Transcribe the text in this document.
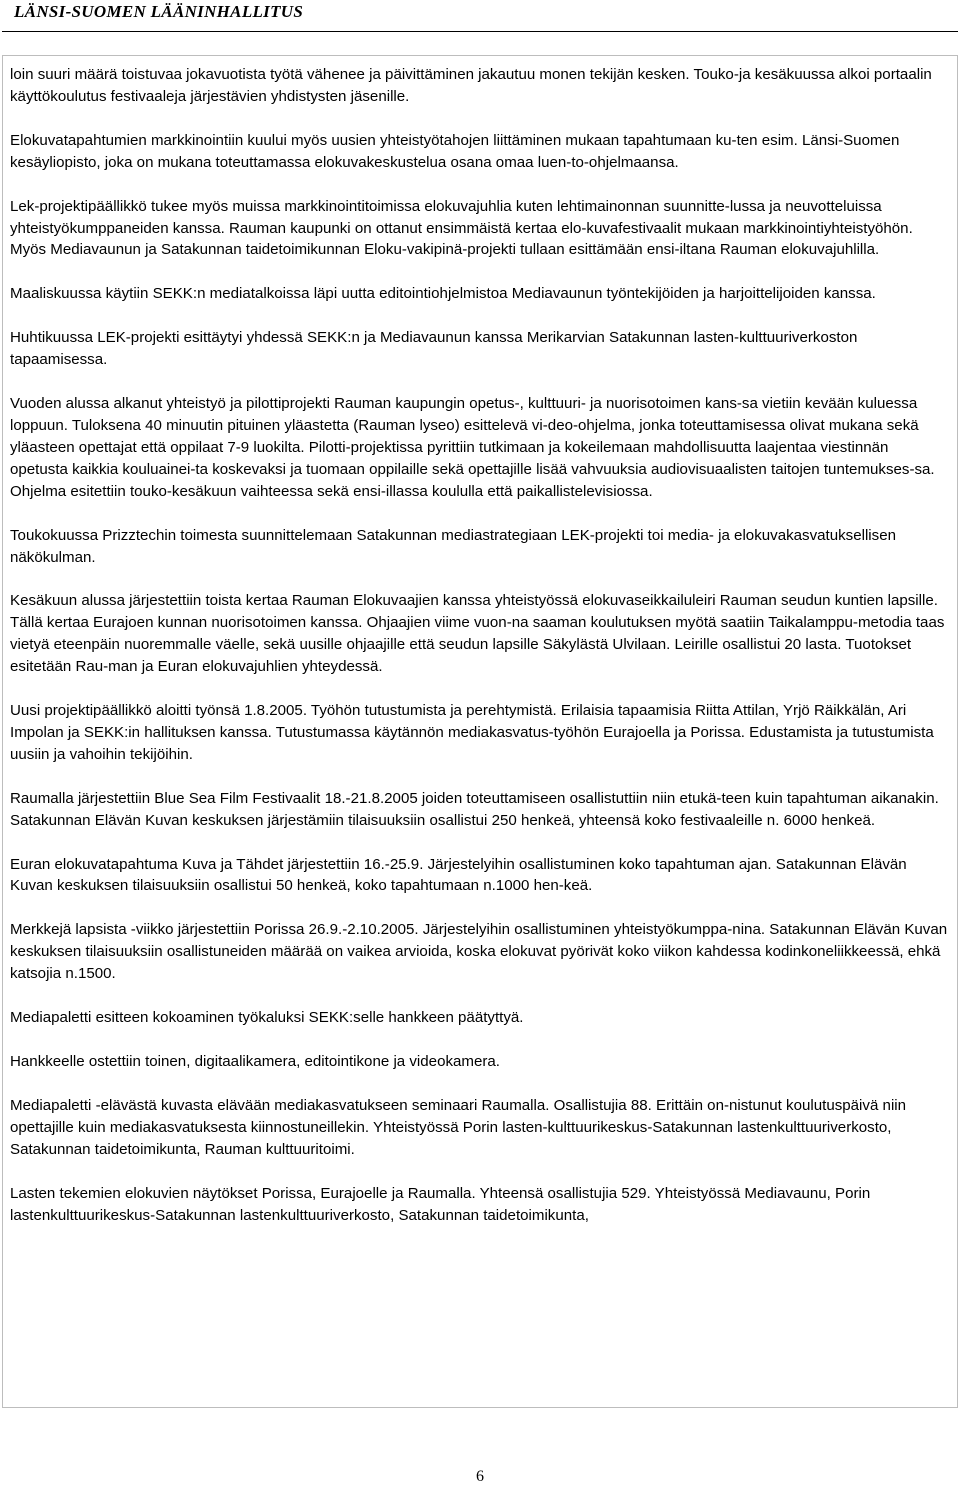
LÄNSI-SUOMEN LÄÄNINHALLITUS

loin suuri määrä toistuvaa jokavuotista työtä vähenee ja päivittäminen jakautuu monen tekijän kesken. Touko-ja kesäkuussa alkoi portaalin käyttökoulutus festivaaleja järjestävien yhdistysten jäsenille.

Elokuvatapahtumien markkinointiin kuului myös uusien yhteistyötahojen liittäminen mukaan tapahtumaan ku-ten esim. Länsi-Suomen kesäyliopisto, joka on mukana toteuttamassa elokuvakeskustelua osana omaa luen-to-ohjelmaansa.

Lek-projektipäällikkö tukee myös muissa markkinointitoimissa elokuvajuhlia kuten lehtimainonnan suunnitte-lussa ja neuvotteluissa yhteistyökumppaneiden kanssa. Rauman kaupunki on ottanut ensimmäistä kertaa elo-kuvafestivaalit mukaan markkinointiyhteistyöhön. Myös Mediavaunun ja Satakunnan taidetoimikunnan Eloku-vakipinä-projekti tullaan esittämään ensi-iltana Rauman elokuvajuhlilla.

Maaliskuussa käytiin SEKK:n mediatalkoissa läpi uutta editointiohjelmistoa Mediavaunun työntekijöiden ja harjoittelijoiden kanssa.

Huhtikuussa LEK-projekti esittäytyi yhdessä SEKK:n ja Mediavaunun kanssa Merikarvian Satakunnan lasten-kulttuuriverkoston tapaamisessa.

Vuoden alussa alkanut yhteistyö ja pilottiprojekti Rauman kaupungin opetus-, kulttuuri- ja nuorisotoimen kans-sa vietiin kevään kuluessa loppuun. Tuloksena 40 minuutin pituinen yläastetta (Rauman lyseo) esittelevä vi-deo-ohjelma, jonka toteuttamisessa olivat mukana sekä yläasteen opettajat että oppilaat 7-9 luokilta. Pilotti-projektissa pyrittiin tutkimaan ja kokeilemaan mahdollisuutta laajentaa viestinnän opetusta kaikkia kouluainei-ta koskevaksi ja tuomaan oppilaille sekä opettajille lisää vahvuuksia audiovisuaalisten taitojen tuntemukses-sa. Ohjelma esitettiin touko-kesäkuun vaihteessa sekä ensi-illassa koululla että paikallistelevisiossa.

Toukokuussa Prizztechin toimesta suunnittelemaan Satakunnan mediastrategiaan LEK-projekti toi media- ja elokuvakasvatuksellisen näkökulman.

Kesäkuun alussa järjestettiin toista kertaa Rauman Elokuvaajien kanssa yhteistyössä elokuvaseikkailuleiri Rauman seudun kuntien lapsille. Tällä kertaa Eurajoen kunnan nuorisotoimen kanssa. Ohjaajien viime vuon-na saaman koulutuksen myötä saatiin Taikalamppu-metodia taas vietyä eteenpäin nuoremmalle väelle, sekä uusille ohjaajille että seudun lapsille Säkylästä Ulvilaan. Leirille osallistui 20 lasta. Tuotokset esitetään Rau-man ja Euran elokuvajuhlien yhteydessä.

Uusi projektipäällikkö aloitti työnsä 1.8.2005. Työhön tutustumista ja perehtymistä. Erilaisia tapaamisia Riitta Attilan, Yrjö Räikkälän, Ari Impolan ja SEKK:in hallituksen kanssa. Tutustumassa käytännön mediakasvatus-työhön Eurajoella ja Porissa. Edustamista ja tutustumista uusiin ja vahoihin tekijöihin.

Raumalla järjestettiin Blue Sea Film Festivaalit 18.-21.8.2005 joiden toteuttamiseen osallistuttiin niin etukä-teen kuin tapahtuman aikanakin. Satakunnan Elävän Kuvan keskuksen järjestämiin tilaisuuksiin osallistui 250 henkeä, yhteensä koko festivaaleille n. 6000 henkeä.

Euran elokuvatapahtuma Kuva ja Tähdet järjestettiin 16.-25.9. Järjestelyihin osallistuminen koko tapahtuman ajan. Satakunnan Elävän Kuvan keskuksen tilaisuuksiin osallistui 50 henkeä, koko tapahtumaan n.1000 hen-keä.

Merkkejä lapsista -viikko järjestettiin Porissa 26.9.-2.10.2005. Järjestelyihin osallistuminen yhteistyökumppa-nina. Satakunnan Elävän Kuvan keskuksen tilaisuuksiin osallistuneiden määrää on vaikea arvioida, koska elokuvat pyörivät koko viikon kahdessa kodinkoneliikkeessä, ehkä katsojia n.1500.

Mediapaletti esitteen kokoaminen työkaluksi SEKK:selle hankkeen päätyttyä.

Hankkeelle ostettiin toinen, digitaalikamera, editointikone ja videokamera.

Mediapaletti -elävästä kuvasta elävään mediakasvatukseen seminaari Raumalla. Osallistujia 88. Erittäin on-nistunut koulutuspäivä niin opettajille kuin mediakasvatuksesta kiinnostuneillekin. Yhteistyössä Porin lasten-kulttuurikeskus-Satakunnan lastenkulttuuriverkosto, Satakunnan taidetoimikunta, Rauman kulttuuritoimi.

Lasten tekemien elokuvien näytökset Porissa, Eurajoelle ja Raumalla. Yhteensä osallistujia 529. Yhteistyössä Mediavaunu, Porin lastenkulttuurikeskus-Satakunnan lastenkulttuuriverkosto, Satakunnan taidetoimikunta,

6
